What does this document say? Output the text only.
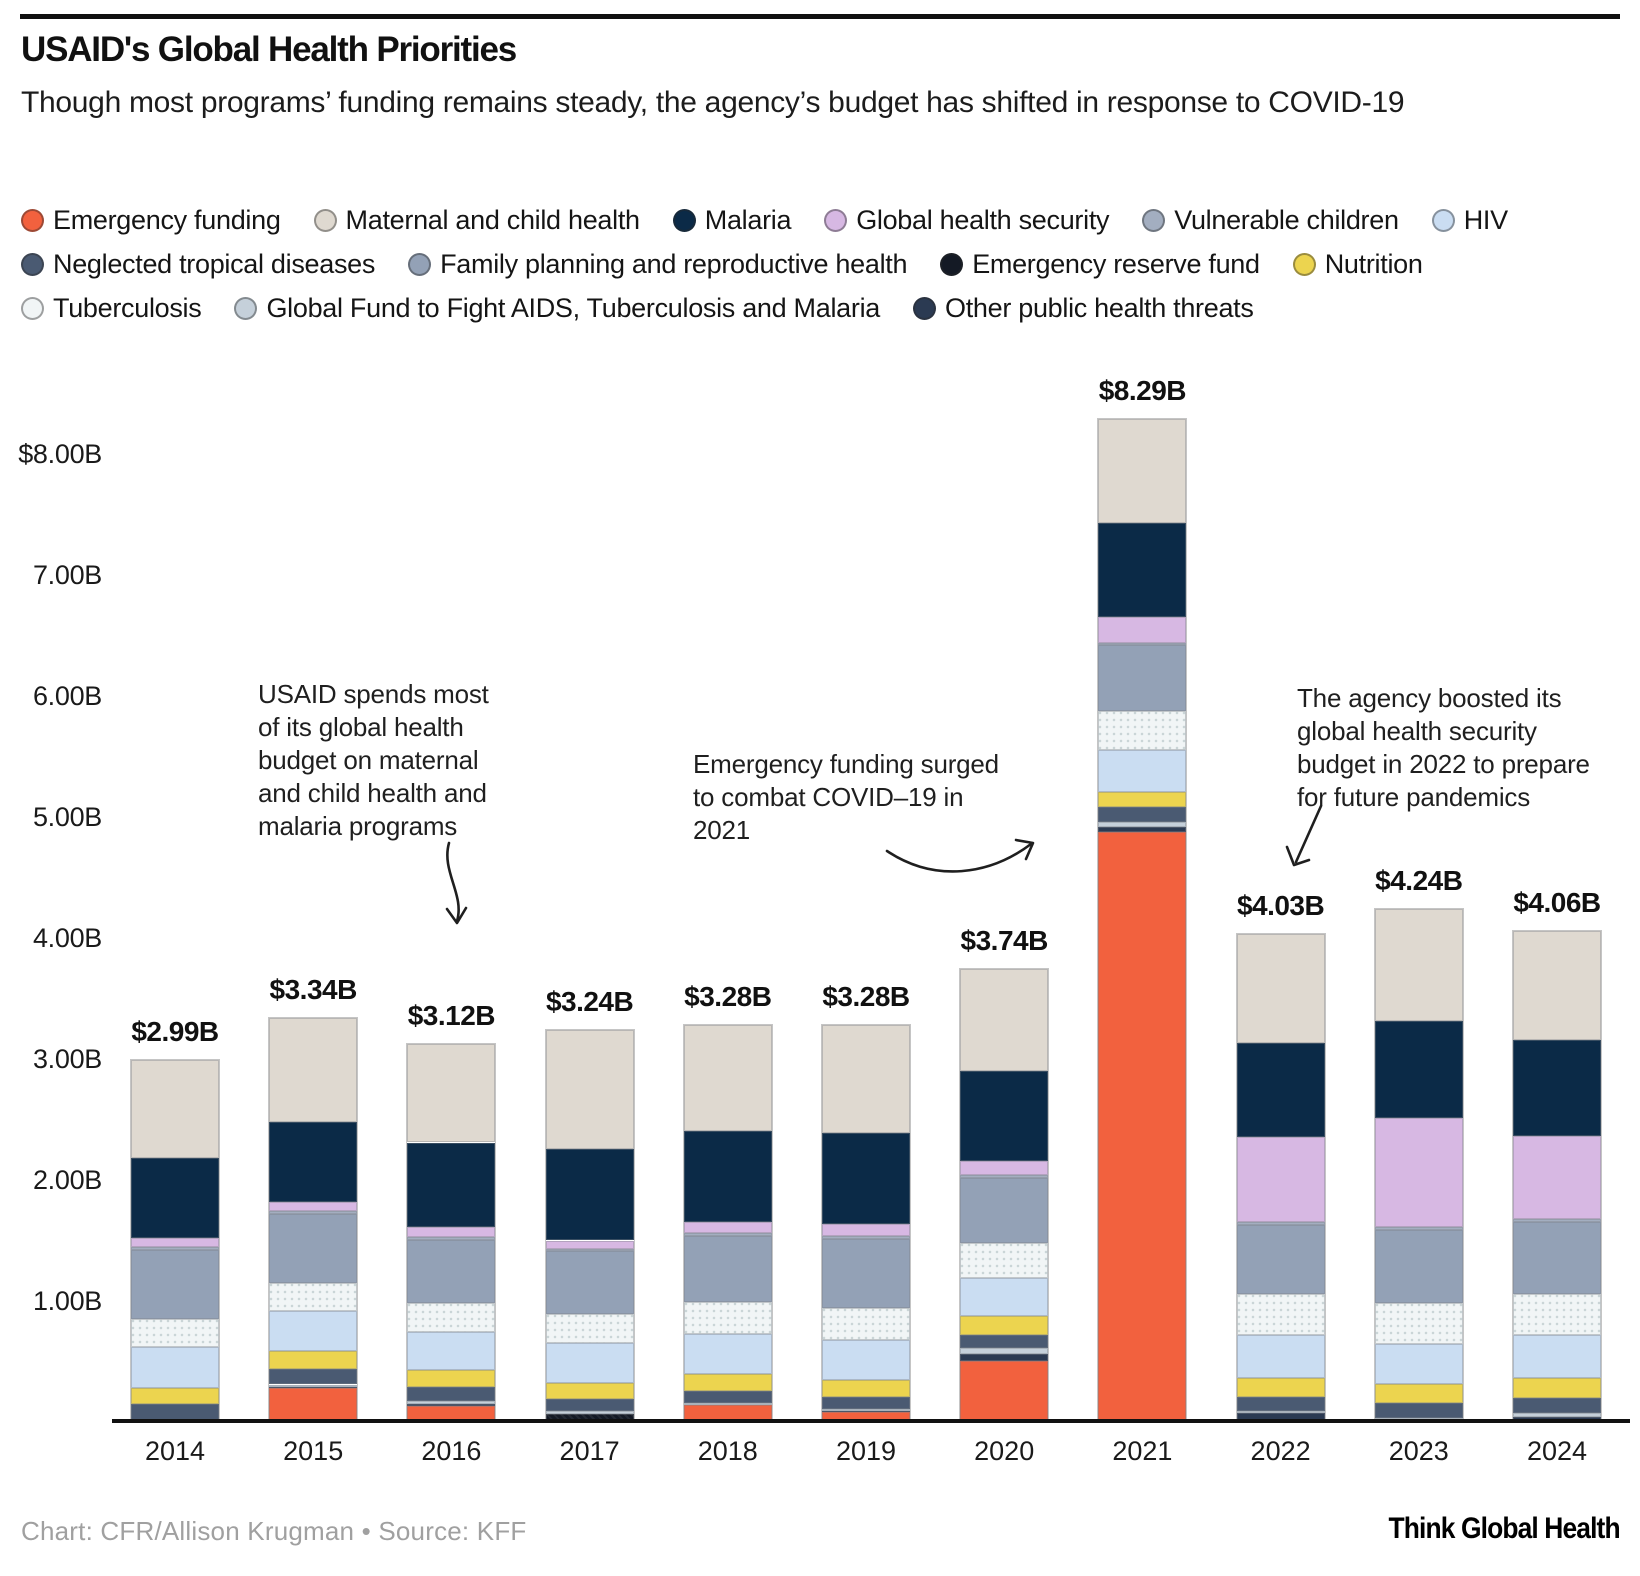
USAID's Global Health Priorities
Though most programs’ funding remains steady, the agency’s budget has shifted in response to COVID-19
Emergency funding Maternal and child health Malaria Global health security Vulnerable children HIV
Neglected tropical diseases Family planning and reproductive health Emergency reserve fund Nutrition
Tuberculosis Global Fund to Fight AIDS, Tuberculosis and Malaria Other public health threats
$8.00B
7.00B
6.00B
5.00B
4.00B
3.00B
2.00B
1.00B
$2.99B
2014
$3.34B
2015
$3.12B
2016
$3.24B
2017
$3.28B
2018
$3.28B
2019
$3.74B
2020
$8.29B
2021
$4.03B
2022
$4.24B
2023
$4.06B
2024
USAID spends most of its global health budget on maternal and child health and malaria programs
Emergency funding surged to combat COVID–19 in 2021
The agency boosted its global health security budget in 2022 to prepare for future pandemics
Chart: CFR/Allison Krugman • Source: KFF	Think Global Health
